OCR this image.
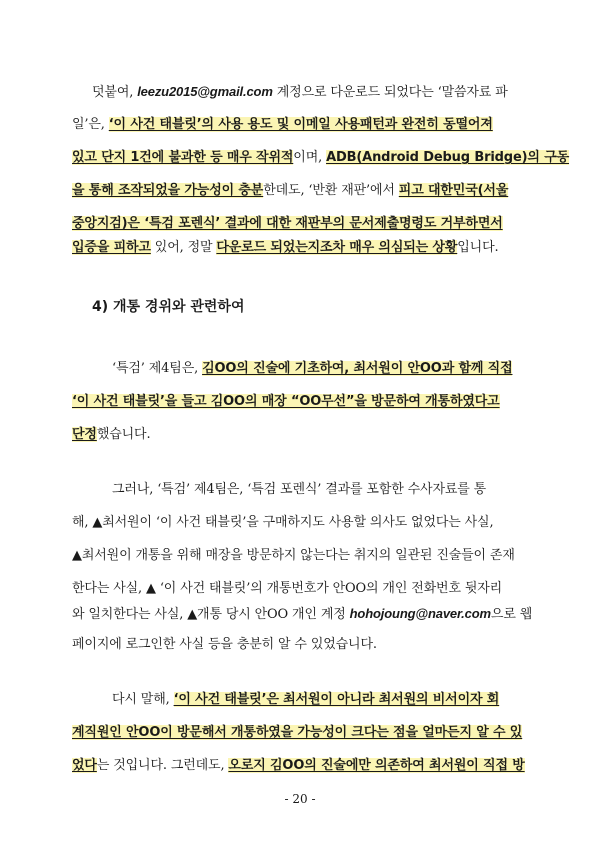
덧붙여, leezu2015@gmail.com 계정으로 다운로드 되었다는 ‘말씀자료 파
일’은, ‘이 사건 태블릿’의 사용 용도 및 이메일 사용패턴과 완전히 동떨어져
있고 단지 1건에 불과한 등 매우 작위적이며, ADB(Android Debug Bridge)의 구동
을 통해 조작되었을 가능성이 충분한데도, ‘반환 재판’에서 피고 대한민국(서울
중앙지검)은 ‘특검 포렌식’ 결과에 대한 재판부의 문서제출명령도 거부하면서
입증을 피하고 있어, 정말 다운로드 되었는지조차 매우 의심되는 상황입니다.
4) 개통 경위와 관련하여
‘특검’ 제4팀은, 김OO의 진술에 기초하여, 최서원이 안OO과 함께 직접
‘이 사건 태블릿’을 들고 김OO의 매장 “OO무선”을 방문하여 개통하였다고
단정했습니다.
그러나, ‘특검’ 제4팀은, ‘특검 포렌식’ 결과를 포함한 수사자료를 통
해, ▲최서원이 ‘이 사건 태블릿’을 구매하지도 사용할 의사도 없었다는 사실,
▲최서원이 개통을 위해 매장을 방문하지 않는다는 취지의 일관된 진술들이 존재
한다는 사실, ▲ ‘이 사건 태블릿’의 개통번호가 안OO의 개인 전화번호 뒷자리
와 일치한다는 사실, ▲개통 당시 안OO 개인 계정 hohojoung@naver.com으로 웹
페이지에 로그인한 사실 등을 충분히 알 수 있었습니다.
다시 말해, ‘이 사건 태블릿’은 최서원이 아니라 최서원의 비서이자 회
계직원인 안OO이 방문해서 개통하였을 가능성이 크다는 점을 얼마든지 알 수 있
었다는 것입니다. 그런데도, 오로지 김OO의 진술에만 의존하여 최서원이 직접 방
- 20 -
